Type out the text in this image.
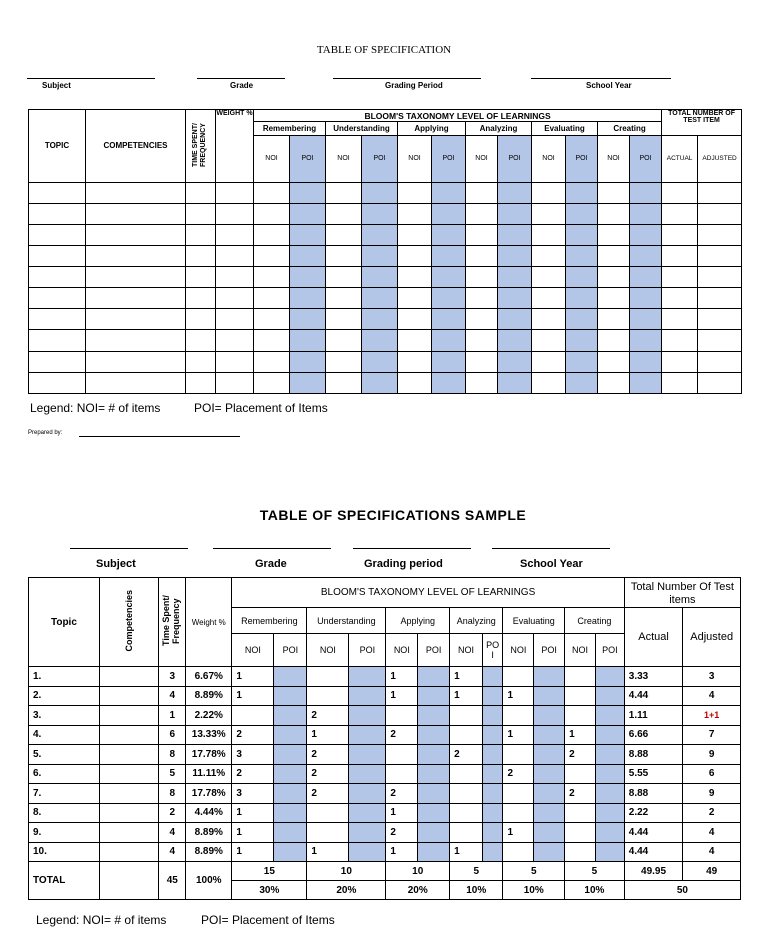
TABLE OF SPECIFICATION
Subject	Grade	Grading Period	School Year
TOPIC	COMPETENCIES	TIME SPENT/ FREQUENCY	WEIGHT %	BLOOM'S TAXONOMY LEVEL OF LEARNINGS												TOTAL NUMBER OF TEST ITEM	
				Remembering		Understanding		Applying		Analyzing		Evaluating		Creating			
				NOI	POI	NOI	POI	NOI	POI	NOI	POI	NOI	POI	NOI	POI	ACTUAL	ADJUSTED

Legend: NOI= # of items	POI= Placement of Items
Prepared by:
TABLE OF SPECIFICATIONS SAMPLE
Subject	Grade	Grading period	School Year
Topic	Competencies	Time Spent/ Frequency	Weight %	BLOOM'S TAXONOMY LEVEL OF LEARNINGS												Total Number Of Test items	
				Remembering		Understanding		Applying		Analyzing		Evaluating		Creating		Actual	Adjusted
				NOI	POI	NOI	POI	NOI	POI	NOI	PO I	NOI	POI	NOI	POI		
1.		3	6.67%	1				1		1						3.33	3
2.		4	8.89%	1				1		1		1				4.44	4
3.		1	2.22%			2										1.11	1+1
4.		6	13.33%	2		1		2				1		1		6.66	7
5.		8	17.78%	3		2				2				2		8.88	9
6.		5	11.11%	2		2						2				5.55	6
7.		8	17.78%	3		2		2						2		8.88	9
8.		2	4.44%	1				1								2.22	2
9.		4	8.89%	1				2				1				4.44	4
10.		4	8.89%	1		1		1		1						4.44	4
TOTAL		45	100%	15		10		10		5		5		5		49.95	49
				30%		20%		20%		10%		10%		10%		50	
Legend: NOI= # of items	POI= Placement of Items
